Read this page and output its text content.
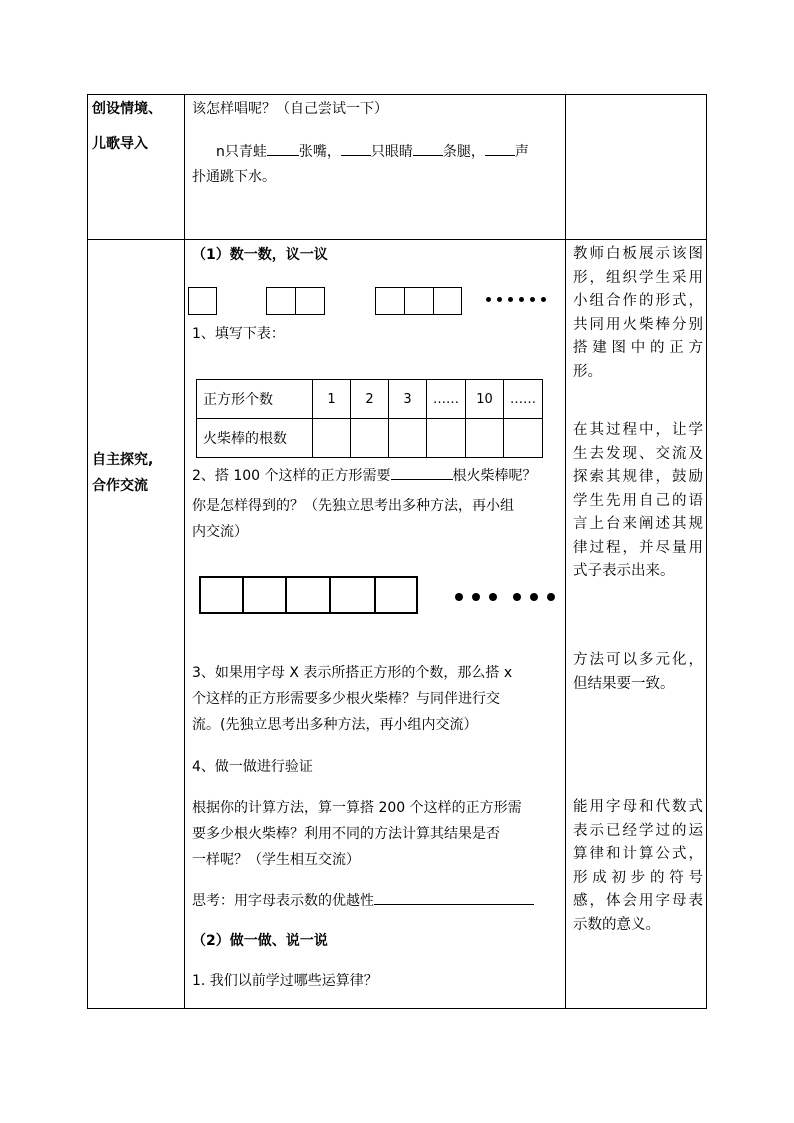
创设情境、
儿歌导入
该怎样唱呢？（自己尝试一下）
n只青蛙 张嘴， 只眼睛 条腿， 声
扑通跳下水。
自主探究,
合作交流
（1）数一数，议一议
1、填写下表：
正方形个数	1	2	3	……	10	……
火柴棒的根数						
2、搭 100 个这样的正方形需要	根火柴棒呢？
你是怎样得到的？（先独立思考出多种方法，再小组
内交流）
3、如果用字母 X 表示所搭正方形的个数，那么搭 x
个这样的正方形需要多少根火柴棒？与同伴进行交
流。(先独立思考出多种方法，再小组内交流）
4、做一做进行验证
根据你的计算方法，算一算搭 200 个这样的正方形需
要多少根火柴棒？利用不同的方法计算其结果是否
一样呢？（学生相互交流）
思考：用字母表示数的优越性
（2）做一做、说一说
1. 我们以前学过哪些运算律？
教师白板展示该图形，组织学生采用小组合作的形式，共同用火柴棒分别搭建图中的正方形。
在其过程中，让学生去发现、交流及探索其规律，鼓励学生先用自己的语言上台来阐述其规律过程，并尽量用式子表示出来。
方法可以多元化，但结果要一致。
能用字母和代数式表示已经学过的运算律和计算公式，形成初步的符号感，体会用字母表示数的意义。
